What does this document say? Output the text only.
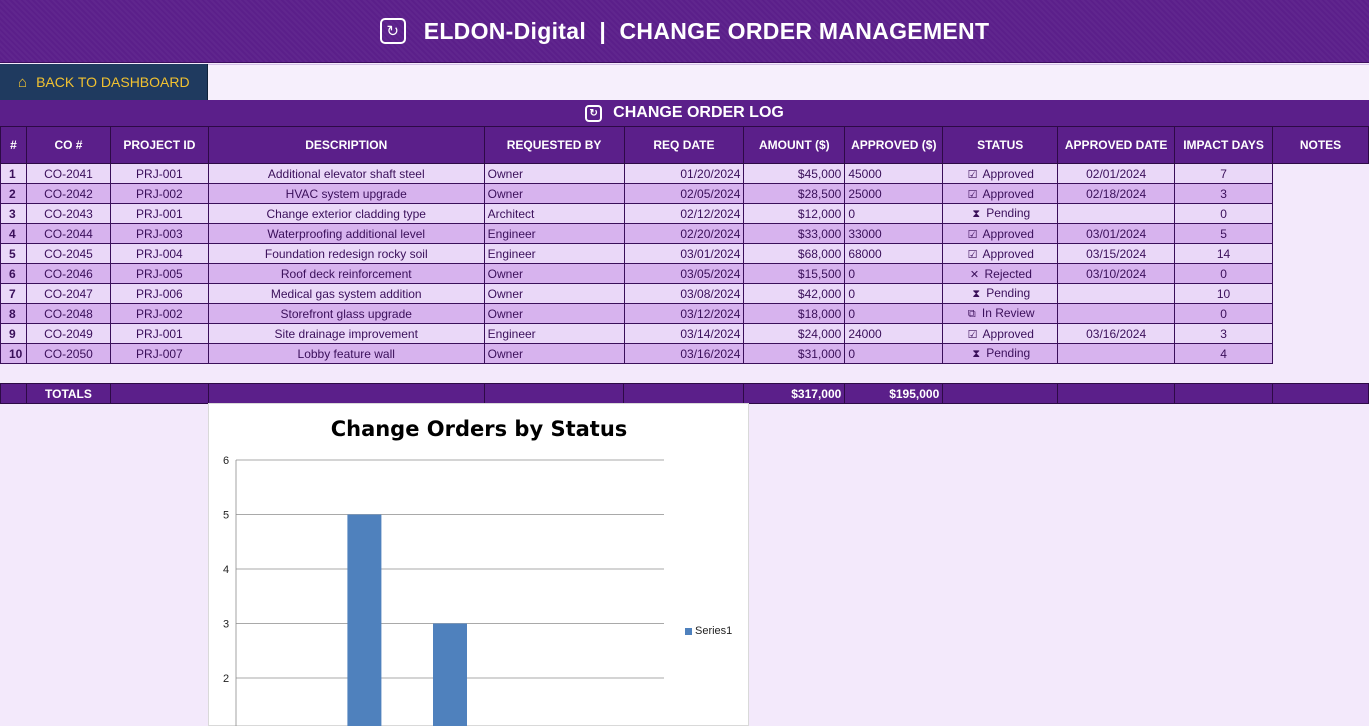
↻ ELDON-Digital  |  CHANGE ORDER MANAGEMENT
⌂ BACK TO DASHBOARD
↻ CHANGE ORDER LOG
#	CO #	PROJECT ID	DESCRIPTION	REQUESTED BY	REQ DATE	AMOUNT ($)	APPROVED ($)	STATUS	APPROVED DATE	IMPACT DAYS	NOTES
1	CO-2041	PRJ-001	Additional elevator shaft steel	Owner	01/20/2024	$45,000	45000	☑ Approved	02/01/2024	7	
2	CO-2042	PRJ-002	HVAC system upgrade	Owner	02/05/2024	$28,500	25000	☑ Approved	02/18/2024	3	
3	CO-2043	PRJ-001	Change exterior cladding type	Architect	02/12/2024	$12,000	0	⧗ Pending		0	
4	CO-2044	PRJ-003	Waterproofing additional level	Engineer	02/20/2024	$33,000	33000	☑ Approved	03/01/2024	5	
5	CO-2045	PRJ-004	Foundation redesign rocky soil	Engineer	03/01/2024	$68,000	68000	☑ Approved	03/15/2024	14	
6	CO-2046	PRJ-005	Roof deck reinforcement	Owner	03/05/2024	$15,500	0	✕ Rejected	03/10/2024	0	
7	CO-2047	PRJ-006	Medical gas system addition	Owner	03/08/2024	$42,000	0	⧗ Pending		10	
8	CO-2048	PRJ-002	Storefront glass upgrade	Owner	03/12/2024	$18,000	0	⧉ In Review		0	
9	CO-2049	PRJ-001	Site drainage improvement	Engineer	03/14/2024	$24,000	24000	☑ Approved	03/16/2024	3	
10	CO-2050	PRJ-007	Lobby feature wall	Owner	03/16/2024	$31,000	0	⧗ Pending		4	
	TOTALS					$317,000	$195,000				
Change Orders by Status
6
5
4
3
2
Series1
